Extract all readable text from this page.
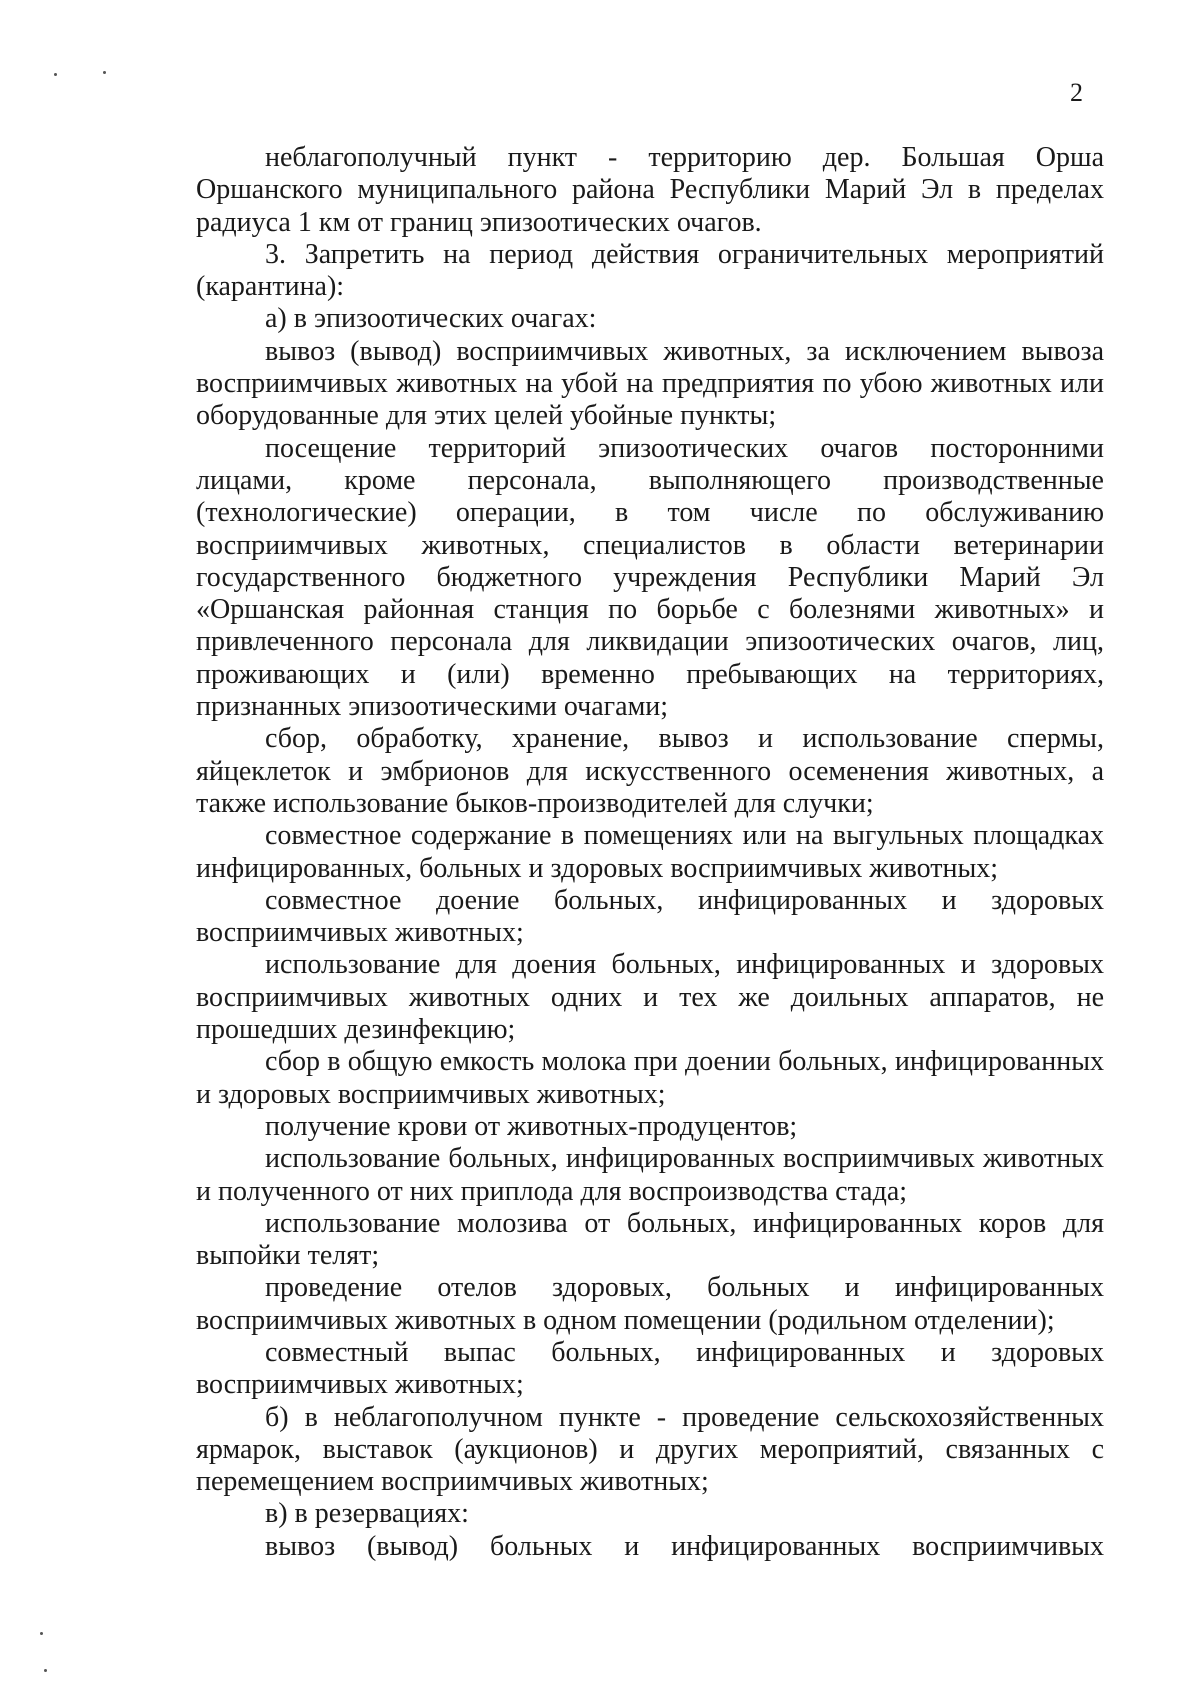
2

неблагополучный пункт - территорию дер. Большая Орша Оршанского муниципального района Республики Марий Эл в пределах радиуса 1 км от границ эпизоотических очагов.

3. Запретить на период действия ограничительных мероприятий (карантина):

а) в эпизоотических очагах:

вывоз (вывод) восприимчивых животных, за исключением вывоза восприимчивых животных на убой на предприятия по убою животных или оборудованные для этих целей убойные пункты;

посещение территорий эпизоотических очагов посторонними лицами, кроме персонала, выполняющего производственные (технологические) операции, в том числе по обслуживанию восприимчивых животных, специалистов в области ветеринарии государственного бюджетного учреждения Республики Марий Эл «Оршанская районная станция по борьбе с болезнями животных» и привлеченного персонала для ликвидации эпизоотических очагов, лиц, проживающих и (или) временно пребывающих на территориях, признанных эпизоотическими очагами;

сбор, обработку, хранение, вывоз и использование спермы, яйцеклеток и эмбрионов для искусственного осеменения животных, а также использование быков-производителей для случки;

совместное содержание в помещениях или на выгульных площадках инфицированных, больных и здоровых восприимчивых животных;

совместное доение больных, инфицированных и здоровых восприимчивых животных;

использование для доения больных, инфицированных и здоровых восприимчивых животных одних и тех же доильных аппаратов, не прошедших дезинфекцию;

сбор в общую емкость молока при доении больных, инфицированных и здоровых восприимчивых животных;

получение крови от животных-продуцентов;

использование больных, инфицированных восприимчивых животных и полученного от них приплода для воспроизводства стада;

использование молозива от больных, инфицированных коров для выпойки телят;

проведение отелов здоровых, больных и инфицированных восприимчивых животных в одном помещении (родильном отделении);

совместный выпас больных, инфицированных и здоровых восприимчивых животных;

б) в неблагополучном пункте - проведение сельскохозяйственных ярмарок, выставок (аукционов) и других мероприятий, связанных с перемещением восприимчивых животных;

в) в резервациях:

вывоз (вывод) больных и инфицированных восприимчивых
